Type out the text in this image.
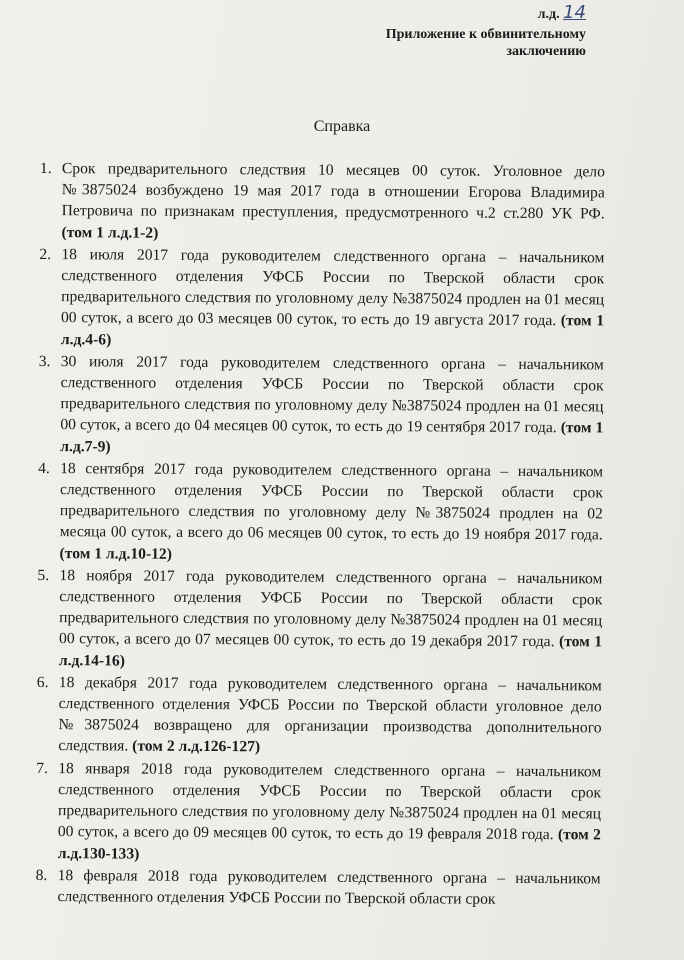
л.д. 14
Приложение к обвинительному
заключению
Справка
1. Срок предварительного следствия 10 месяцев 00 суток. Уголовное дело №3875024 возбуждено 19 мая 2017 года в отношении Егорова Владимира Петровича по признакам преступления, предусмотренного ч.2 ст.280 УК РФ. (том 1 л.д.1-2)
2. 18 июля 2017 года руководителем следственного органа – начальником следственного отделения УФСБ России по Тверской области срок предварительного следствия по уголовному делу №3875024 продлен на 01 месяц 00 суток, а всего до 03 месяцев 00 суток, то есть до 19 августа 2017 года. (том 1 л.д.4-6)
3. 30 июля 2017 года руководителем следственного органа – начальником следственного отделения УФСБ России по Тверской области срок предварительного следствия по уголовному делу №3875024 продлен на 01 месяц 00 суток, а всего до 04 месяцев 00 суток, то есть до 19 сентября 2017 года. (том 1 л.д.7-9)
4. 18 сентября 2017 года руководителем следственного органа – начальником следственного отделения УФСБ России по Тверской области срок предварительного следствия по уголовному делу №3875024 продлен на 02 месяца 00 суток, а всего до 06 месяцев 00 суток, то есть до 19 ноября 2017 года. (том 1 л.д.10-12)
5. 18 ноября 2017 года руководителем следственного органа – начальником следственного отделения УФСБ России по Тверской области срок предварительного следствия по уголовному делу №3875024 продлен на 01 месяц 00 суток, а всего до 07 месяцев 00 суток, то есть до 19 декабря 2017 года. (том 1 л.д.14-16)
6. 18 декабря 2017 года руководителем следственного органа – начальником следственного отделения УФСБ России по Тверской области уголовное дело №3875024 возвращено для организации производства дополнительного следствия. (том 2 л.д.126-127)
7. 18 января 2018 года руководителем следственного органа – начальником следственного отделения УФСБ России по Тверской области срок предварительного следствия по уголовному делу №3875024 продлен на 01 месяц 00 суток, а всего до 09 месяцев 00 суток, то есть до 19 февраля 2018 года. (том 2 л.д.130-133)
8. 18 февраля 2018 года руководителем следственного органа – начальником следственного отделения УФСБ России по Тверской области срок
